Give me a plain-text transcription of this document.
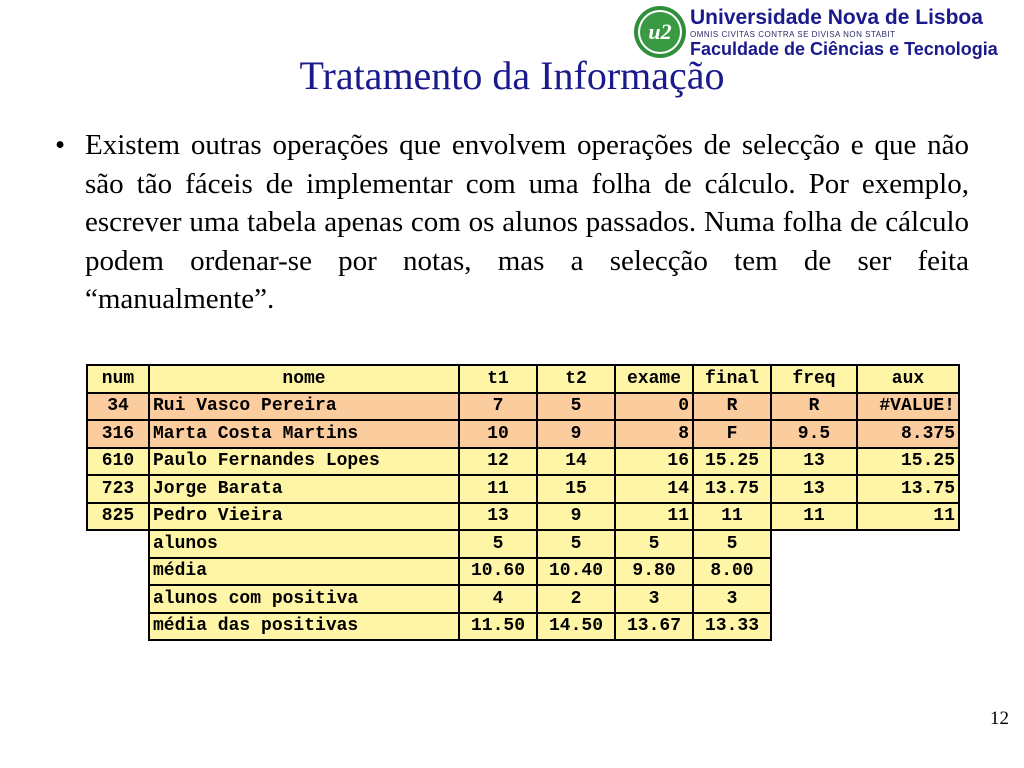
u2
Universidade Nova de Lisboa
OMNIS CIVITAS CONTRA SE DIVISA NON STABIT
Faculdade de Ciências e Tecnologia
Tratamento da Informação
• Existem outras operações que envolvem operações de selecção e que não são tão fáceis de implementar com uma folha de cálculo. Por exemplo, escrever uma tabela apenas com os alunos passados. Numa folha de cálculo podem ordenar-se por notas, mas a selecção tem de ser feita “manualmente”.
num	nome	t1	t2	exame	final	freq	aux
34	Rui Vasco Pereira	7	5	0	R	R	#VALUE!
316	Marta Costa Martins	10	9	8	F	9.5	8.375
610	Paulo Fernandes Lopes	12	14	16	15.25	13	15.25
723	Jorge Barata	11	15	14	13.75	13	13.75
825	Pedro Vieira	13	9	11	11	11	11
	alunos	5	5	5	5		
	média	10.60	10.40	9.80	8.00		
	alunos com positiva	4	2	3	3		
	média das positivas	11.50	14.50	13.67	13.33		
12
